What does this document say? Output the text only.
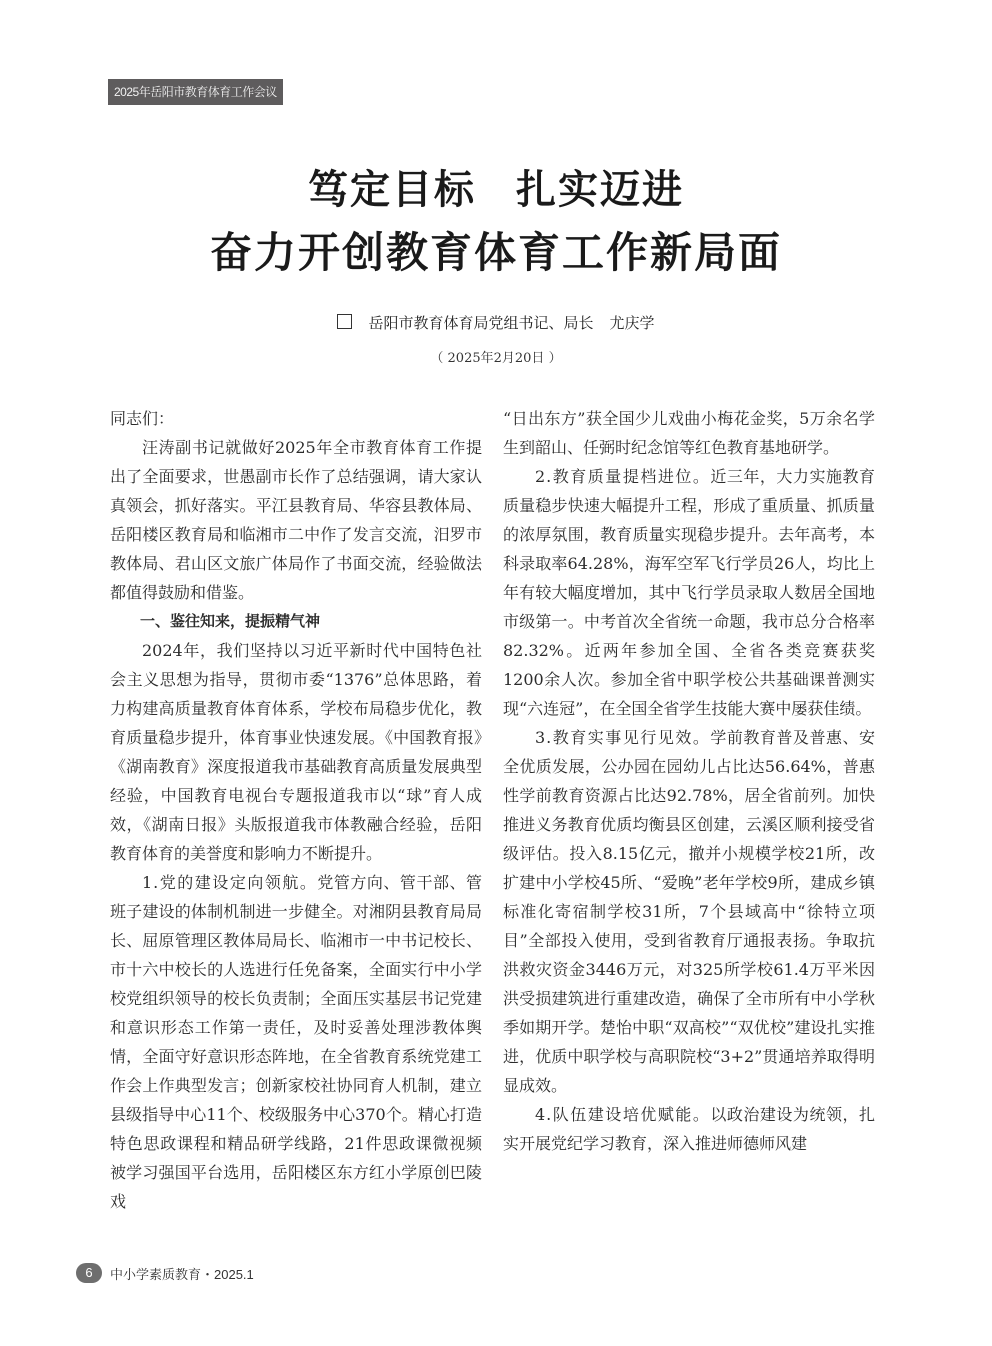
2025年岳阳市教育体育工作会议
笃定目标 扎实迈进
奋力开创教育体育工作新局面
岳阳市教育体育局党组书记、局长 尤庆学
（ 2025年2月20日 ）

同志们：

汪涛副书记就做好2025年全市教育体育工作提出了全面要求，世愚副市长作了总结强调，请大家认真领会，抓好落实。平江县教育局、华容县教体局、岳阳楼区教育局和临湘市二中作了发言交流，汨罗市教体局、君山区文旅广体局作了书面交流，经验做法都值得鼓励和借鉴。

一、鉴往知来，提振精气神

2024年，我们坚持以习近平新时代中国特色社会主义思想为指导，贯彻市委“1376”总体思路，着力构建高质量教育体育体系，学校布局稳步优化，教育质量稳步提升，体育事业快速发展。《中国教育报》《湖南教育》深度报道我市基础教育高质量发展典型经验，中国教育电视台专题报道我市以“球”育人成效，《湖南日报》头版报道我市体教融合经验，岳阳教育体育的美誉度和影响力不断提升。

1.党的建设定向领航。党管方向、管干部、管班子建设的体制机制进一步健全。对湘阴县教育局局长、屈原管理区教体局局长、临湘市一中书记校长、市十六中校长的人选进行任免备案，全面实行中小学校党组织领导的校长负责制；全面压实基层书记党建和意识形态工作第一责任，及时妥善处理涉教体舆情，全面守好意识形态阵地，在全省教育系统党建工作会上作典型发言；创新家校社协同育人机制，建立县级指导中心11个、校级服务中心370个。精心打造特色思政课程和精品研学线路，21件思政课微视频被学习强国平台选用，岳阳楼区东方红小学原创巴陵戏

“日出东方”获全国少儿戏曲小梅花金奖，5万余名学生到韶山、任弼时纪念馆等红色教育基地研学。

2.教育质量提档进位。近三年，大力实施教育质量稳步快速大幅提升工程，形成了重质量、抓质量的浓厚氛围，教育质量实现稳步提升。去年高考，本科录取率64.28%，海军空军飞行学员26人，均比上年有较大幅度增加，其中飞行学员录取人数居全国地市级第一。中考首次全省统一命题，我市总分合格率82.32%。近两年参加全国、全省各类竞赛获奖1200余人次。参加全省中职学校公共基础课普测实现“六连冠”，在全国全省学生技能大赛中屡获佳绩。

3.教育实事见行见效。学前教育普及普惠、安全优质发展，公办园在园幼儿占比达56.64%，普惠性学前教育资源占比达92.78%，居全省前列。加快推进义务教育优质均衡县区创建，云溪区顺利接受省级评估。投入8.15亿元，撤并小规模学校21所，改扩建中小学校45所、“爱晚”老年学校9所，建成乡镇标准化寄宿制学校31所，7个县域高中“徐特立项目”全部投入使用，受到省教育厅通报表扬。争取抗洪救灾资金3446万元，对325所学校61.4万平米因洪受损建筑进行重建改造，确保了全市所有中小学秋季如期开学。楚怡中职“双高校”“双优校”建设扎实推进，优质中职学校与高职院校“3+2”贯通培养取得明显成效。

4.队伍建设培优赋能。以政治建设为统领，扎实开展党纪学习教育，深入推进师德师风建

6	中小学素质教育・2025.1
